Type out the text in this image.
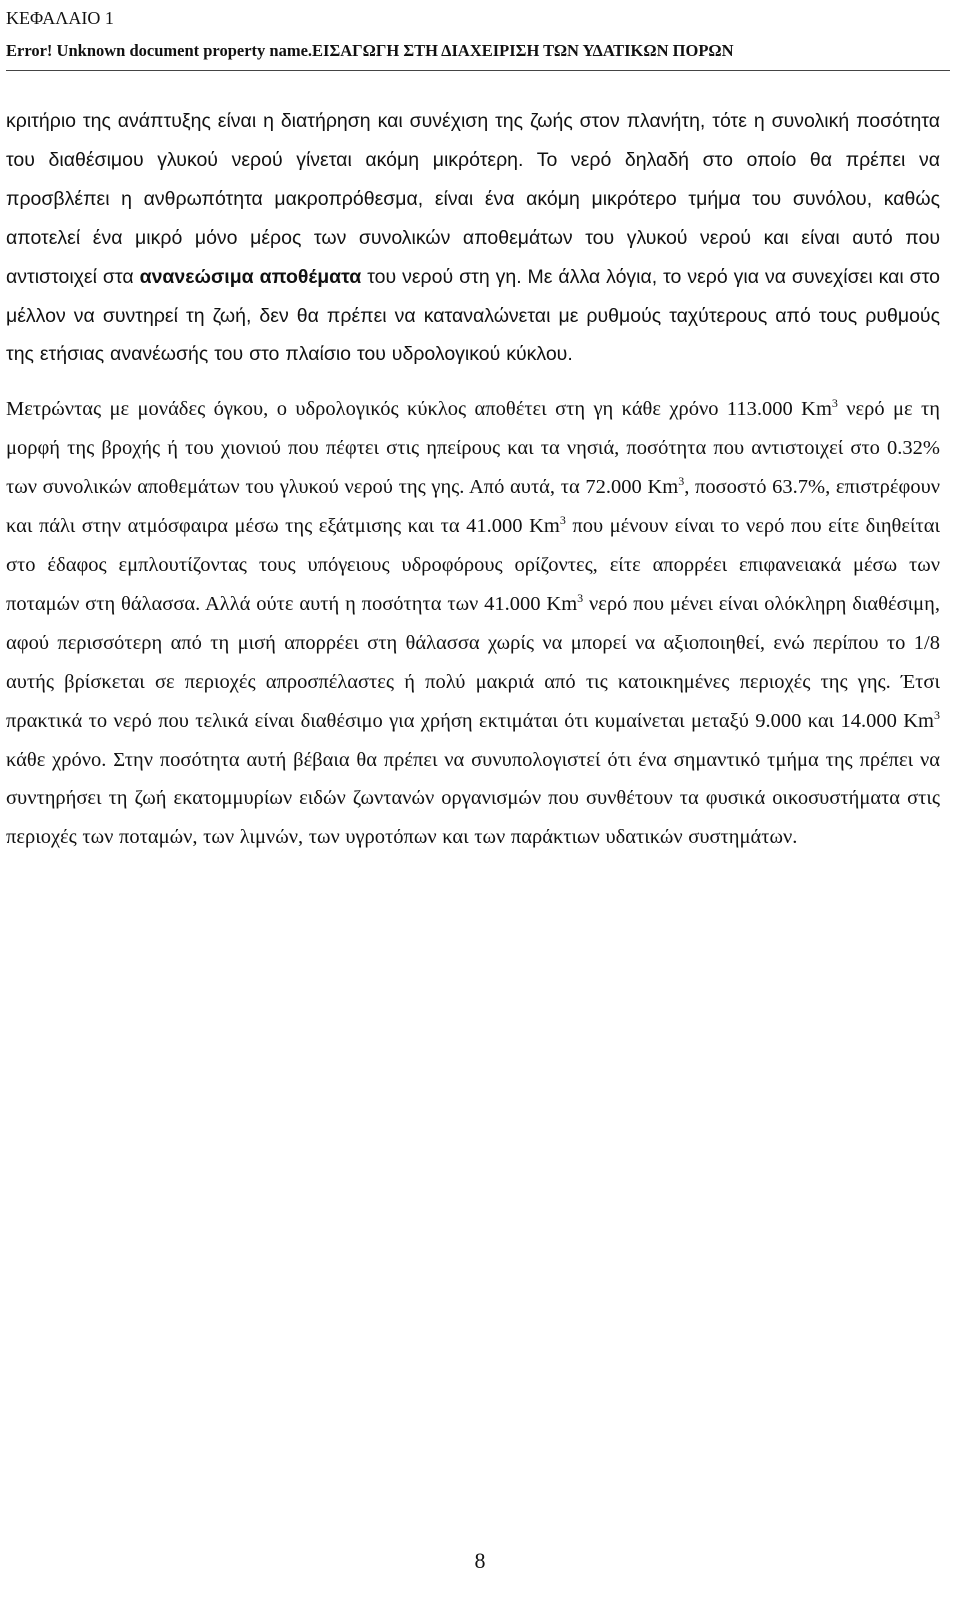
ΚΕΦΑΛΑΙΟ 1
Error! Unknown document property name.ΕΙΣΑΓΩΓΗ ΣΤΗ ΔΙΑΧΕΙΡΙΣΗ ΤΩΝ ΥΔΑΤΙΚΩΝ ΠΟΡΩΝ

κριτήριο της ανάπτυξης είναι η διατήρηση και συνέχιση της ζωής στον πλανήτη, τότε η συνολική ποσότητα του διαθέσιμου γλυκού νερού γίνεται ακόμη μικρότερη. Το νερό δηλαδή στο οποίο θα πρέπει να προσβλέπει η ανθρωπότητα μακροπρόθεσμα, είναι ένα ακόμη μικρότερο τμήμα του συνόλου, καθώς αποτελεί ένα μικρό μόνο μέρος των συνολικών αποθεμάτων του γλυκού νερού και είναι αυτό που αντιστοιχεί στα ανανεώσιμα αποθέματα του νερού στη γη. Με άλλα λόγια, το νερό για να συνεχίσει και στο μέλλον να συντηρεί τη ζωή, δεν θα πρέπει να καταναλώνεται με ρυθμούς ταχύτερους από τους ρυθμούς της ετήσιας ανανέωσής του στο πλαίσιο του υδρολογικού κύκλου.

Μετρώντας με μονάδες όγκου, ο υδρολογικός κύκλος αποθέτει στη γη κάθε χρόνο 113.000 Km$^3$ νερό με τη μορφή της βροχής ή του χιονιού που πέφτει στις ηπείρους και τα νησιά, ποσότητα που αντιστοιχεί στο 0.32% των συνολικών αποθεμάτων του γλυκού νερού της γης. Από αυτά, τα 72.000 Km$^3$, ποσοστό 63.7%, επιστρέφουν και πάλι στην ατμόσφαιρα μέσω της εξάτμισης και τα 41.000 Km$^3$ που μένουν είναι το νερό που είτε διηθείται στο έδαφος εμπλουτίζοντας τους υπόγειους υδροφόρους ορίζοντες, είτε απορρέει επιφανειακά μέσω των ποταμών στη θάλασσα. Αλλά ούτε αυτή η ποσότητα των 41.000 Km$^3$ νερό που μένει είναι ολόκληρη διαθέσιμη, αφού περισσότερη από τη μισή απορρέει στη θάλασσα χωρίς να μπορεί να αξιοποιηθεί, ενώ περίπου το 1/8 αυτής βρίσκεται σε περιοχές απροσπέλαστες ή πολύ μακριά από τις κατοικημένες περιοχές της γης. Έτσι πρακτικά το νερό που τελικά είναι διαθέσιμο για χρήση εκτιμάται ότι κυμαίνεται μεταξύ 9.000 και 14.000 Km$^3$ κάθε χρόνο. Στην ποσότητα αυτή βέβαια θα πρέπει να συνυπολογιστεί ότι ένα σημαντικό τμήμα της πρέπει να συντηρήσει τη ζωή εκατομμυρίων ειδών ζωντανών οργανισμών που συνθέτουν τα φυσικά οικοσυστήματα στις περιοχές των ποταμών, των λιμνών, των υγροτόπων και των παράκτιων υδατικών συστημάτων.

8
